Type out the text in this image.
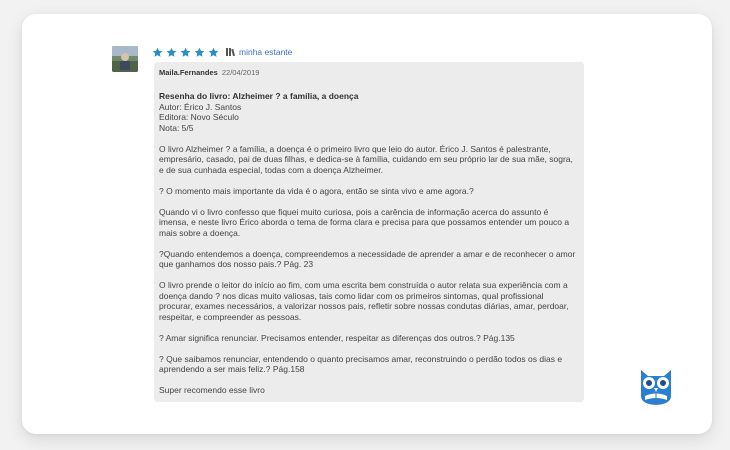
minha estante
Maila.Fernandes 22/04/2019
Resenha do livro: Alzheimer ? a família, a doença
Autor: Érico J. Santos
Editora: Novo Século
Nota: 5/5

O livro Alzheimer ? a família, a doença é o primeiro livro que leio do autor. Érico J. Santos é palestrante, empresário, casado, pai de duas filhas, e dedica-se à família, cuidando em seu próprio lar de sua mãe, sogra, e de sua cunhada especial, todas com a doença Alzheimer.

? O momento mais importante da vida é o agora, então se sinta vivo e ame agora.?

Quando vi o livro confesso que fiquei muito curiosa, pois a carência de informação acerca do assunto é imensa, e neste livro Érico aborda o tema de forma clara e precisa para que possamos entender um pouco a mais sobre a doença.

?Quando entendemos a doença, compreendemos a necessidade de aprender a amar e de reconhecer o amor que ganhamos dos nosso pais.? Pág. 23

O livro prende o leitor do início ao fim, com uma escrita bem construída o autor relata sua experiência com a doença dando ? nos dicas muito valiosas, tais como lidar com os primeiros sintomas, qual profissional procurar, exames necessários, a valorizar nossos pais, refletir sobre nossas condutas diárias, amar, perdoar, respeitar, e compreender as pessoas.

? Amar significa renunciar. Precisamos entender, respeitar as diferenças dos outros.? Pág.135

? Que saibamos renunciar, entendendo o quanto precisamos amar, reconstruindo o perdão todos os dias e aprendendo a ser mais feliz.? Pág.158

Super recomendo esse livro
